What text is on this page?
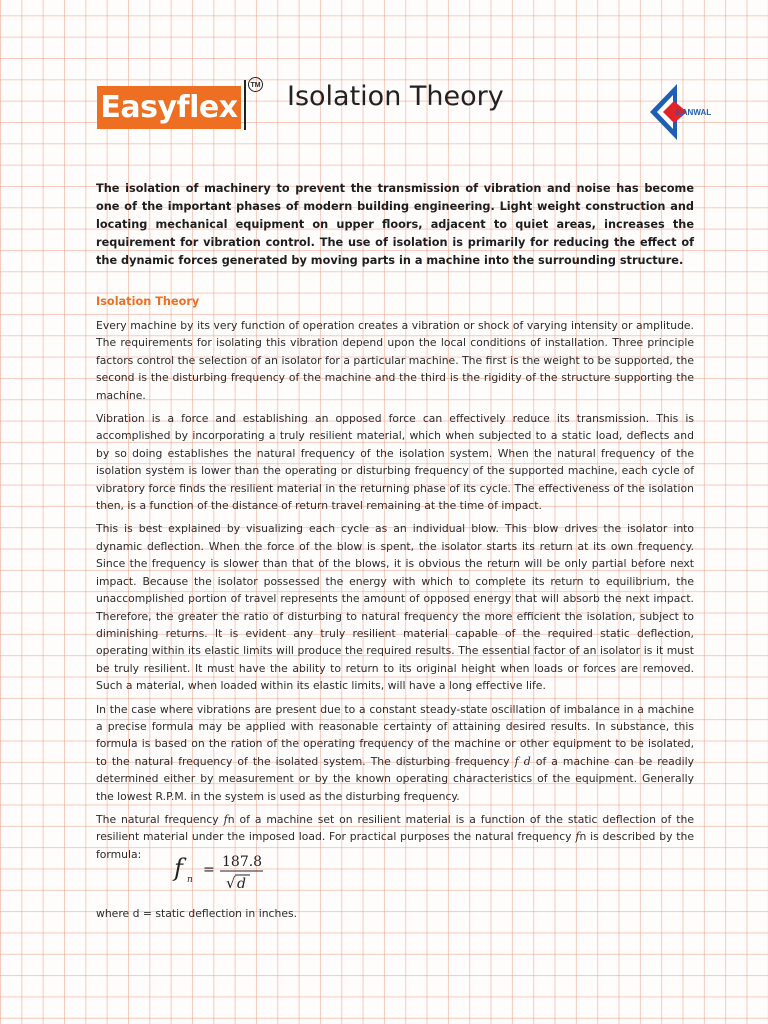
Easyflex
TM Isolation Theory
KANWAL

The isolation of machinery to prevent the transmission of vibration and noise has become one of the important phases of modern building engineering. Light weight construction and locating mechanical equipment on upper floors, adjacent to quiet areas, increases the requirement for vibration control. The use of isolation is primarily for reducing the effect of the dynamic forces generated by moving parts in a machine into the surrounding structure.

Isolation Theory

Every machine by its very function of operation creates a vibration or shock of varying intensity or amplitude. The requirements for isolating this vibration depend upon the local conditions of installation. Three principle factors control the selection of an isolator for a particular machine. The first is the weight to be supported, the second is the disturbing frequency of the machine and the third is the rigidity of the structure supporting the machine.

Vibration is a force and establishing an opposed force can effectively reduce its transmission. This is accomplished by incorporating a truly resilient material, which when subjected to a static load, deflects and by so doing establishes the natural frequency of the isolation system. When the natural frequency of the isolation system is lower than the operating or disturbing frequency of the supported machine, each cycle of vibratory force finds the resilient material in the returning phase of its cycle. The effectiveness of the isolation then, is a function of the distance of return travel remaining at the time of impact.

This is best explained by visualizing each cycle as an individual blow. This blow drives the isolator into dynamic deflection. When the force of the blow is spent, the isolator starts its return at its own frequency. Since the frequency is slower than that of the blows, it is obvious the return will be only partial before next impact. Because the isolator possessed the energy with which to complete its return to equilibrium, the unaccomplished portion of travel represents the amount of opposed energy that will absorb the next impact. Therefore, the greater the ratio of disturbing to natural frequency the more efficient the isolation, subject to diminishing returns. It is evident any truly resilient material capable of the required static deflection, operating within its elastic limits will produce the required results. The essential factor of an isolator is it must be truly resilient. It must have the ability to return to its original height when loads or forces are removed. Such a material, when loaded within its elastic limits, will have a long effective life.

In the case where vibrations are present due to a constant steady-state oscillation of imbalance in a machine a precise formula may be applied with reasonable certainty of attaining desired results. In substance, this formula is based on the ration of the operating frequency of the machine or other equipment to be isolated, to the natural frequency of the isolated system. The disturbing frequency f d of a machine can be readily determined either by measurement or by the known operating characteristics of the equipment. Generally the lowest R.P.M. in the system is used as the disturbing frequency.

The natural frequency fn of a machine set on resilient material is a function of the static deflection of the resilient material under the imposed load. For practical purposes the natural frequency fn is described by the formula:	f n
= 187.8
√ d
where d = static deflection in inches.
